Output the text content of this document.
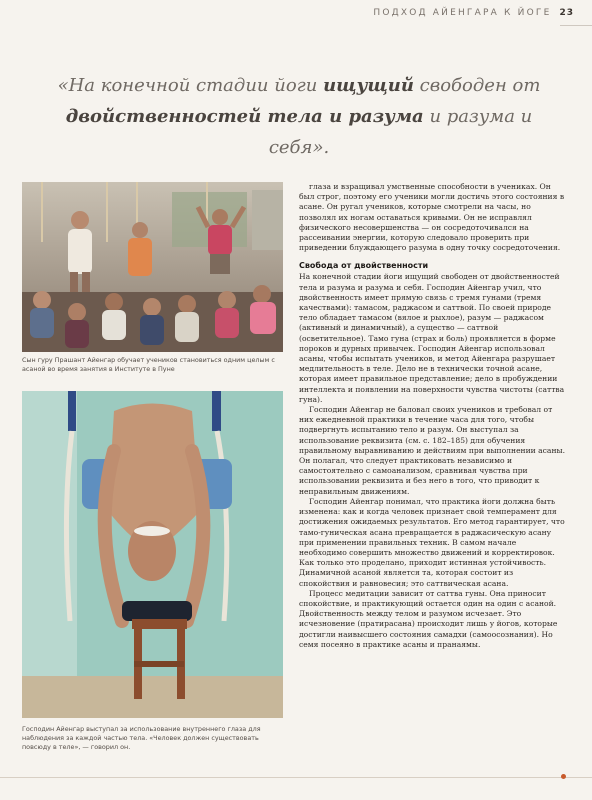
ПОДХОД АЙЕНГАРА К ЙОГЕ 23
«На конечной стадии йоги ищущий свободен от двойственностей тела и разума и разума и себя».
Сын гуру Прашант Айенгар обучает учеников становиться одним целым с асаной во время занятия в Институте в Пуне
Господин Айенгар выступал за использование внутреннего глаза для наблюдения за каждой частью тела. «Человек должен существовать повсюду в теле», — говорил он.

глаза и взращивал умственные способности в учениках. Он был строг, поэтому его ученики могли достичь этого состояния в асане. Он ругал учеников, которые смотрели на часы, но позволял их ногам оставаться кривыми. Он не исправлял физического несовершенства — он сосредоточивался на рассеивании энергии, которую следовало проверить при приведении блуждающего разума в одну точку сосредоточения.

Свобода от двойственности

На конечной стадии йоги ищущий свободен от двойственностей тела и разума и разума и себя. Господин Айенгар учил, что двойственность имеет прямую связь с тремя гунами (тремя качествами): тамасом, раджасом и саттвой. По своей природе тело обладает тамасом (вялое и рыхлое), разум — раджасом (активный и динамичный), а существо — саттвой (осветительное). Тамо гуна (страх и боль) проявляется в форме пороков и дурных привычек. Господин Айенгар использовал асаны, чтобы испытать учеников, и метод Айенгара разрушает медлительность в теле. Дело не в технически точной асане, которая имеет правильное представление; дело в пробуждении интеллекта и появлении на поверхности чувства чистоты (саттва гуна).

Господин Айенгар не баловал своих учеников и требовал от них ежедневной практики в течение часа для того, чтобы подвергнуть испытанию тело и разум. Он выступал за использование реквизита (см. с. 182–185) для обучения правильному выравниванию и действиям при выполнении асаны. Он полагал, что следует практиковать независимо и самостоятельно с самоанализом, сравнивая чувства при использовании реквизита и без него в того, что приводит к неправильным движениям.

Господин Айенгар понимал, что практика йоги должна быть изменена: как и когда человек признает свой темперамент для достижения ожидаемых результатов. Его метод гарантирует, что тамо-гуническая асана превращается в раджасическую асану при применении правильных техник. В самом начале необходимо совершить множество движений и корректировок. Как только это проделано, приходит истинная устойчивость. Динамичной асаной является та, которая состоит из спокойствия и равновесия; это саттвическая асана.

Процесс медитации зависит от саттва гуны. Она приносит спокойствие, и практикующий остается один на один с асаной. Двойственность между телом и разумом исчезает. Это исчезновение (пратирасана) происходит лишь у йогов, которые достигли наивысшего состояния самадхи (самоосознания). Но семя посеяно в практике асаны и пранаямы.
